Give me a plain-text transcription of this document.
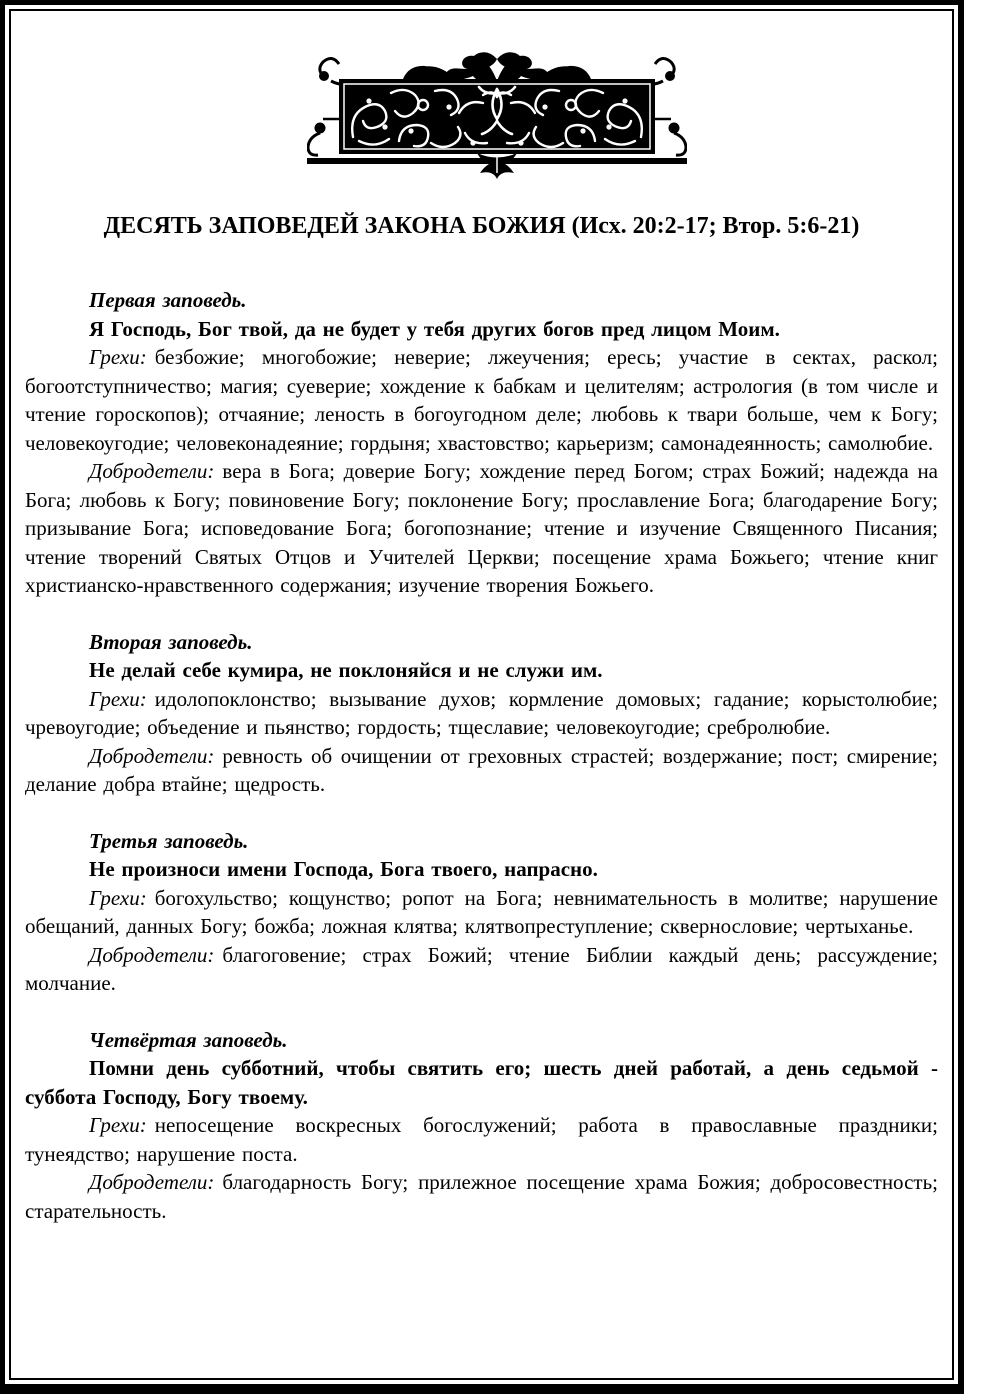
ДЕСЯТЬ ЗАПОВЕДЕЙ ЗАКОНА БОЖИЯ (Исх. 20:2-17; Втор. 5:6-21)

Первая заповедь.

Я Господь, Бог твой, да не будет у тебя других богов пред лицом Моим.

Грехи: безбожие; многобожие; неверие; лжеучения; ересь; участие в сектах, раскол; богоотступничество; магия; суеверие; хождение к бабкам и целителям; астрология (в том числе и чтение гороскопов); отчаяние; леность в богоугодном деле; любовь к твари больше, чем к Богу; человекоугодие; человеконадеяние; гордыня; хвастовство; карьеризм; самонадеянность; самолюбие.

Добродетели: вера в Бога; доверие Богу; хождение перед Богом; страх Божий; надежда на Бога; любовь к Богу; повиновение Богу; поклонение Богу; прославление Бога; благодарение Богу; призывание Бога; исповедование Бога; богопознание; чтение и изучение Священного Писания; чтение творений Святых Отцов и Учителей Церкви; посещение храма Божьего; чтение книг христианско-нравственного содержания; изучение творения Божьего.

Вторая заповедь.

Не делай себе кумира, не поклоняйся и не служи им.

Грехи: идолопоклонство; вызывание духов; кормление домовых; гадание; корыстолюбие; чревоугодие; объедение и пьянство; гордость; тщеславие; человекоугодие; сребролюбие.

Добродетели: ревность об очищении от греховных страстей; воздержание; пост; смирение; делание добра втайне; щедрость.

Третья заповедь.

Не произноси имени Господа, Бога твоего, напрасно.

Грехи: богохульство; кощунство; ропот на Бога; невнимательность в молитве; нарушение обещаний, данных Богу; божба; ложная клятва; клятвопреступление; сквернословие; чертыханье.

Добродетели: благоговение; страх Божий; чтение Библии каждый день; рассуждение; молчание.

Четвёртая заповедь.

Помни день субботний, чтобы святить его; шесть дней работай, а день седьмой - суббота Господу, Богу твоему.

Грехи: непосещение воскресных богослужений; работа в православные праздники; тунеядство; нарушение поста.

Добродетели: благодарность Богу; прилежное посещение храма Божия; добросовестность; старательность.
